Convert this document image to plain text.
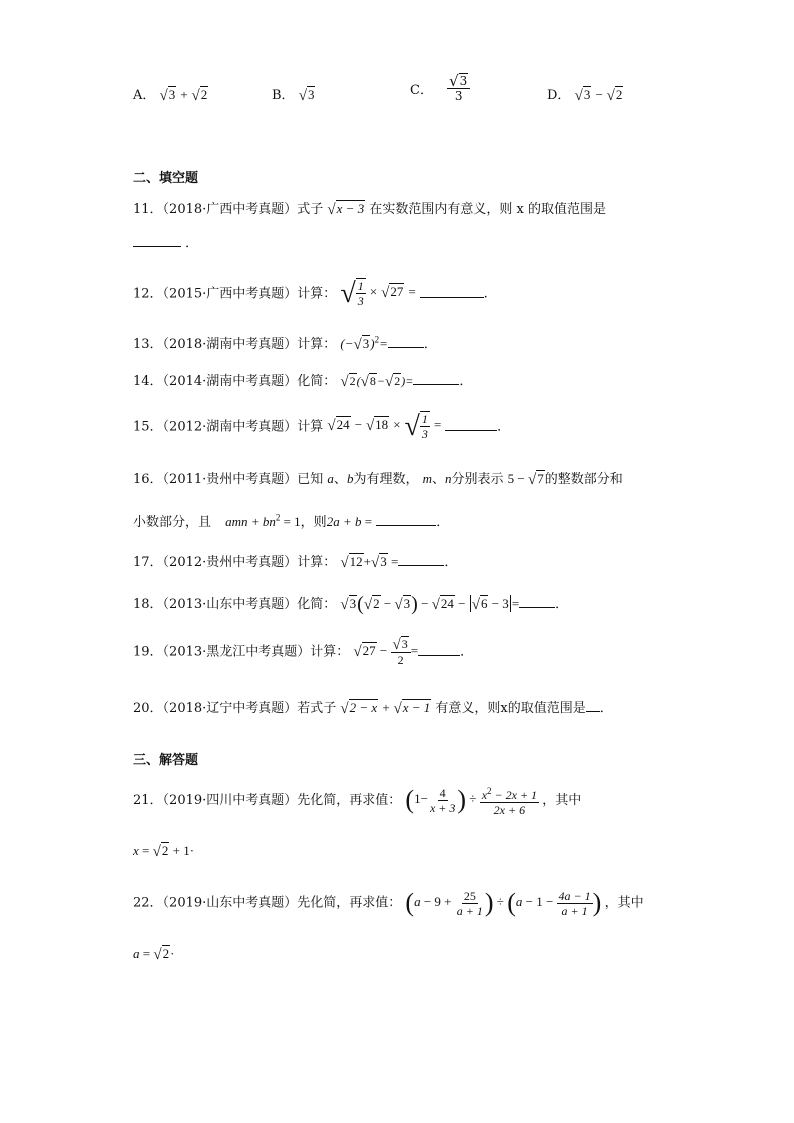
A． √3 + √2	B． √3	C． $\frac{√3}{3}$	D． √3 − √2
二、填空题
11．（2018·广西中考真题）式子 √x − 3 在实数范围内有意义，则 x 的取值范围是
．
12．（2015·广西中考真题）计算： √ $\frac{1}{3} \times √27$ =	.
13．（2018·湖南中考真题）计算： $(-√3)^2=$	．
14．（2014·湖南中考真题）化简： √2(√8−√2)=	．
15．（2012·湖南中考真题）计算 √24 − √18 × √ $\frac{1}{3}$ =	．
16．（2011·贵州中考真题）已知 a、b为有理数， m、n分别表示 5 − √7的整数部分和
小数部分，且 amn + $bn^2 = 1$，则2a + b =	．
17．（2012·贵州中考真题）计算： √12+√3 =	．
18．（2013·山东中考真题）化简： √3(√2 − √3) − √24 − √6 − 3 =	．
19．（2013·黑龙江中考真题）计算： $√27 - \frac{√3}{2}$ =	．
20．（2018·辽宁中考真题）若式子 √2 − x + √x − 1 有意义，则x的取值范围是 ．
三、解答题
21．（2019·四川中考真题）先化简，再求值： ($1- \frac{4}{x + 3}$ ) ÷ $\frac{x^2 - 2x + 1}{2x + 6}$ ，其中
x = √2 + 1·
22．（2019·山东中考真题）先化简，再求值： ($a - 9 + \frac{25}{a + 1}$ ) ÷ ($a - 1 - \frac{4a - 1}{a + 1}$ ) ，其中
a = √2·
